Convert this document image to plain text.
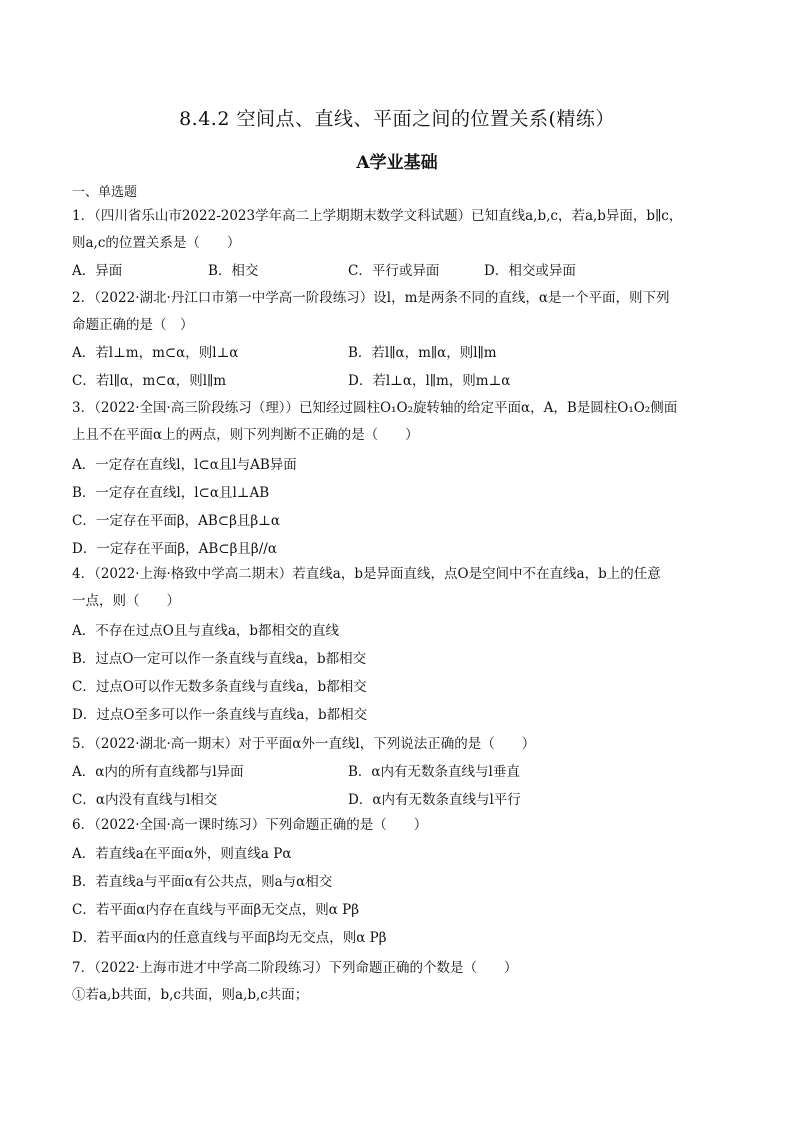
8.4.2 空间点、直线、平面之间的位置关系(精练）
A学业基础
一、单选题
1．（四川省乐山市2022-2023学年高二上学期期末数学文科试题）已知直线a,b,c，若a,b异面，b∥c，
则a,c的位置关系是（　　）
A．异面	B．相交	C．平行或异面	D．相交或异面
2．（2022·湖北·丹江口市第一中学高一阶段练习）设l，m是两条不同的直线，α是一个平面，则下列
命题正确的是（　）
A．若l⊥m，m⊂α，则l⊥α	B．若l∥α，m∥α，则l∥m
C．若l∥α，m⊂α，则l∥m	D．若l⊥α，l∥m，则m⊥α
3．（2022·全国·高三阶段练习（理））已知经过圆柱O₁O₂旋转轴的给定平面α，A，B是圆柱O₁O₂侧面
上且不在平面α上的两点，则下列判断不正确的是（　　）
A．一定存在直线l，l⊂α且l与AB异面
B．一定存在直线l，l⊂α且l⊥AB
C．一定存在平面β，AB⊂β且β⊥α
D．一定存在平面β，AB⊂β且β//α
4．（2022·上海·格致中学高二期末）若直线a，b是异面直线，点O是空间中不在直线a，b上的任意
一点，则（　　）
A．不存在过点O且与直线a，b都相交的直线
B．过点O一定可以作一条直线与直线a，b都相交
C．过点O可以作无数多条直线与直线a，b都相交
D．过点O至多可以作一条直线与直线a，b都相交
5．（2022·湖北·高一期末）对于平面α外一直线l，下列说法正确的是（　　）
A．α内的所有直线都与l异面	B．α内有无数条直线与l垂直
C．α内没有直线与l相交	D．α内有无数条直线与l平行
6．（2022·全国·高一课时练习）下列命题正确的是（　　）
A．若直线a在平面α外，则直线a Pα
B．若直线a与平面α有公共点，则a与α相交
C．若平面α内存在直线与平面β无交点，则α Pβ
D．若平面α内的任意直线与平面β均无交点，则α Pβ
7．（2022·上海市进才中学高二阶段练习）下列命题正确的个数是（　　）
①若a,b共面，b,c共面，则a,b,c共面；
